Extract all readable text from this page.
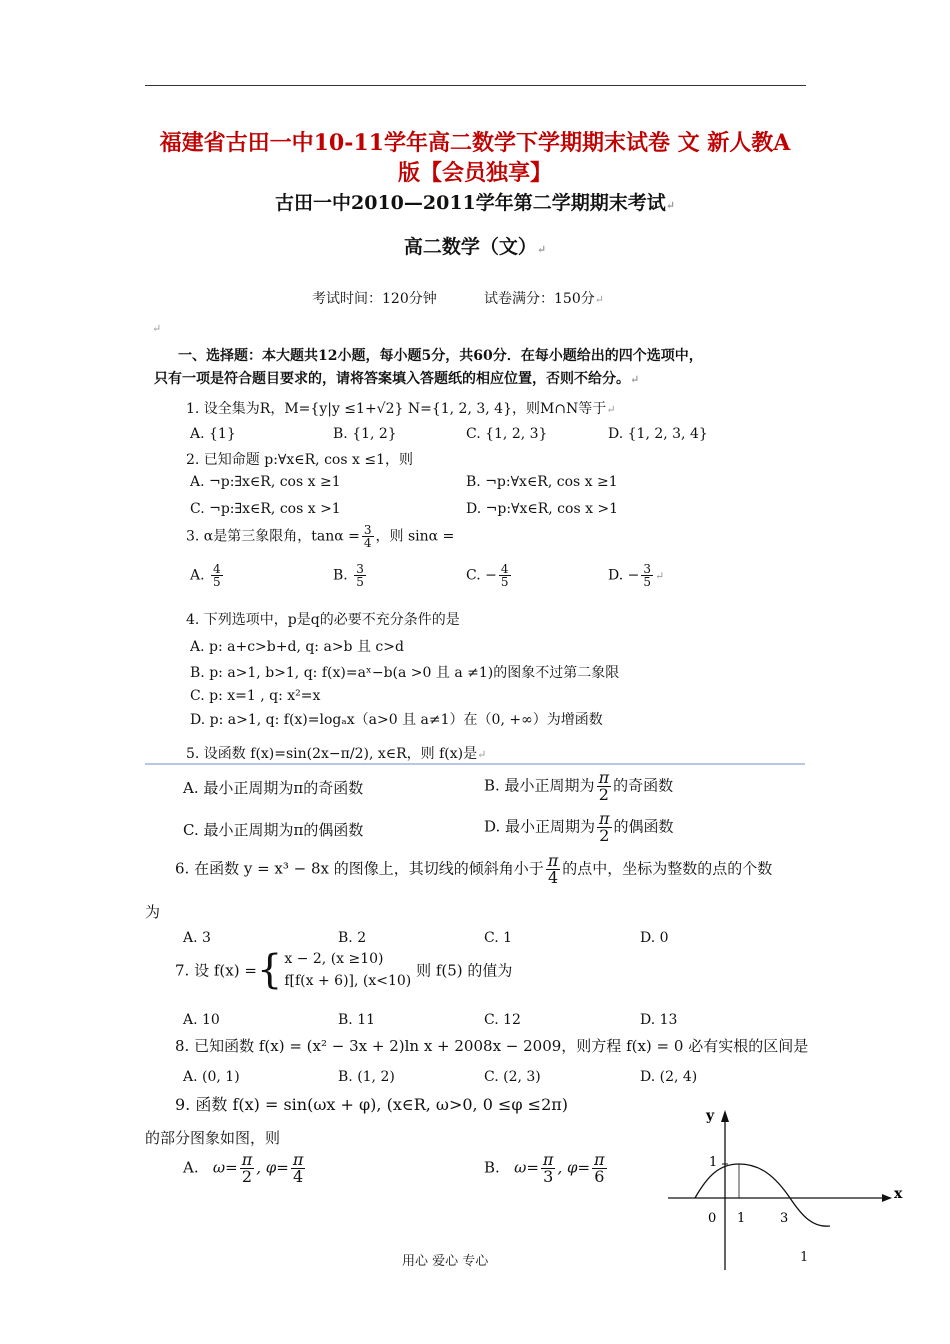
福建省古田一中10-11学年高二数学下学期期末试卷 文 新人教A
版【会员独享】
古田一中2010—2011学年第二学期期末考试↵
高二数学（文）↵
考试时间：120分钟	试卷满分：150分↵
↵
一、选择题：本大题共12小题，每小题5分，共60分．在每小题给出的四个选项中，
只有一项是符合题目要求的，请将答案填入答题纸的相应位置，否则不给分。↵
1. 设全集为R，M={y|y ≤1+√2} N={1, 2, 3, 4}，则M∩N等于↵
A. {1}	B. {1, 2}	C. {1, 2, 3}	D. {1, 2, 3, 4}
2. 已知命题 p:∀x∈R, cos x ≤1，则
A. ¬p:∃x∈R, cos x ≥1	B. ¬p:∀x∈R, cos x ≥1
C. ¬p:∃x∈R, cos x >1	D. ¬p:∀x∈R, cos x >1
3. α是第三象限角，$\tan\alpha = \frac{3}{4}$ ，则 sinα =
A. $\frac{4}{5}$	B. $\frac{3}{5}$	C. − $\frac{4}{5}$	D. − $\frac{3}{5}$ ↵
4. 下列选项中，p是q的必要不充分条件的是
A. p: a+c>b+d, q: a>b 且 c>d
B. p: a>1, b>1, q: f(x)=aˣ−b(a >0 且 a ≠1)的图象不过第二象限
C. p: x=1 , q: x²=x
D. p: a>1, q: f(x)=logₐx（a>0 且 a≠1）在（0, +∞）为增函数
5. 设函数 f(x)=sin(2x−π/2), x∈R，则 f(x)是↵
A. 最小正周期为π的奇函数	B. 最小正周期为 $\frac{\pi}{2}$ 的奇函数
C. 最小正周期为π的偶函数	D. 最小正周期为 $\frac{\pi}{2}$ 的偶函数
6. 在函数 y = x³ − 8x 的图像上，其切线的倾斜角小于 $\frac{\pi}{4}$ 的点中，坐标为整数的点的个数
为
A. 3	B. 2	C. 1	D. 0
7. 设 f(x) ={ x − 2, (x ≥10)
f[f(x + 6)], (x<10)
则 f(5) 的值为
A. 10	B. 11	C. 12	D. 13
8. 已知函数 f(x) = (x² − 3x + 2)ln x + 2008x − 2009，则方程 f(x) = 0 必有实根的区间是
A. (0, 1)	B. (1, 2)	C. (2, 3)	D. (2, 4)
9. 函数 f(x) = sin(ωx + φ), (x∈R, ω>0, 0 ≤φ ≤2π)
的部分图象如图，则
A. $\omega= \frac{\pi}{2}$ , $\varphi= \frac{\pi}{4}$	B. $\omega= \frac{\pi}{3}$ , $\varphi= \frac{\pi}{6}$
y
x
0 1	3
1
用心 爱心 专心	1
